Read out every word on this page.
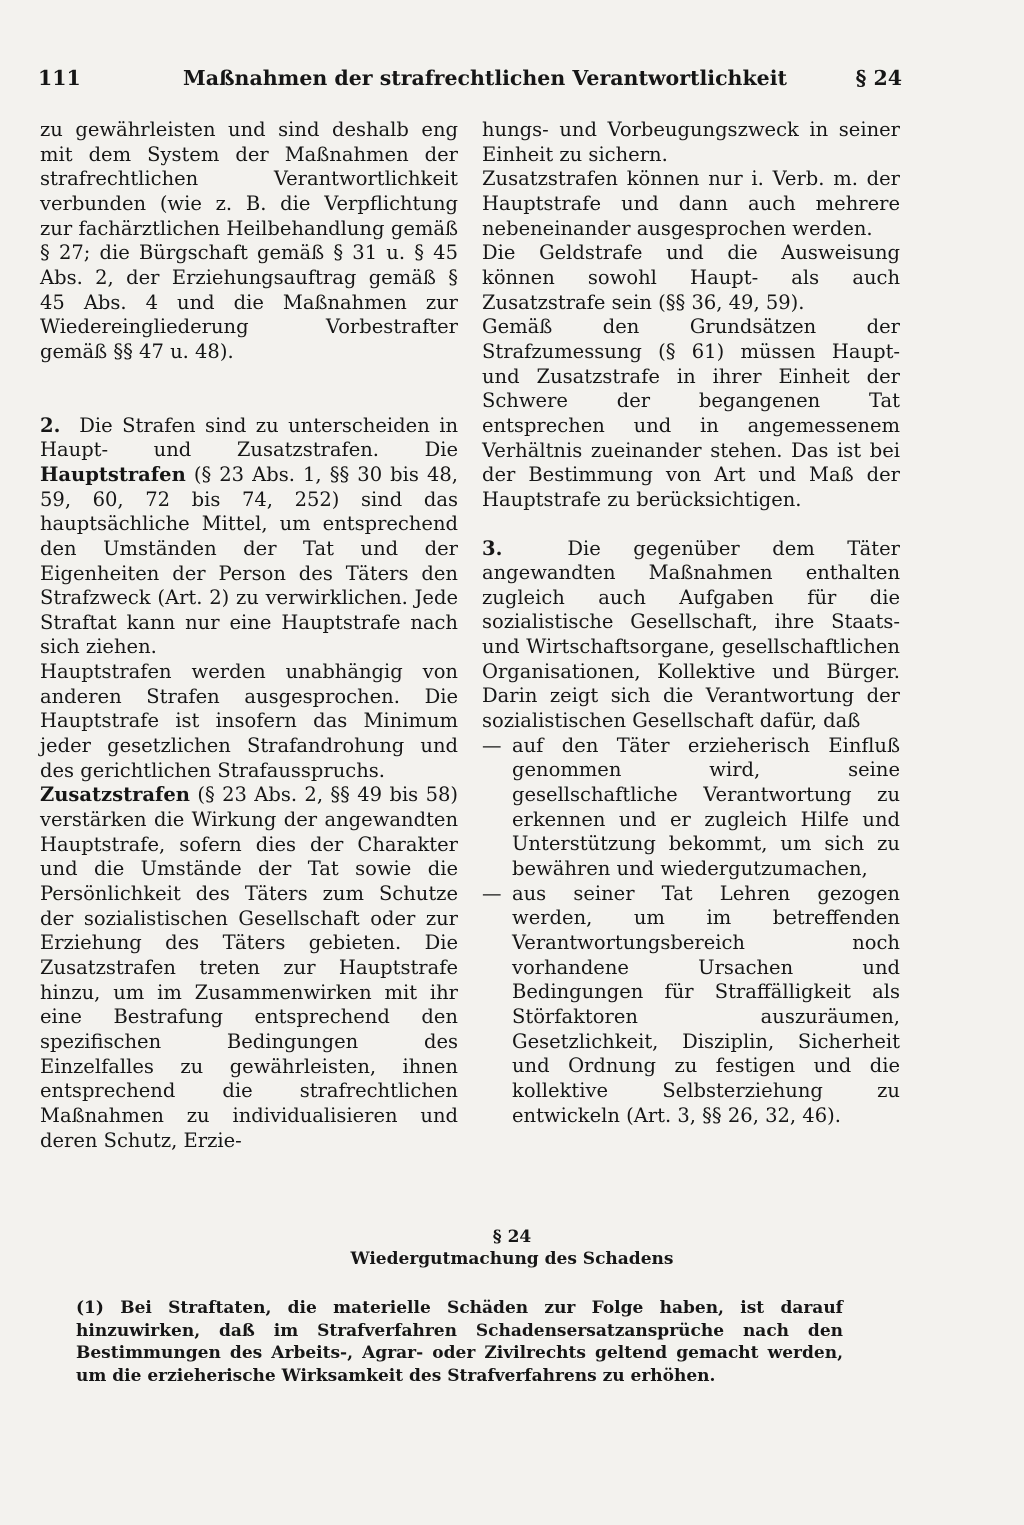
111	Maßnahmen der strafrechtlichen Verantwortlichkeit	§ 24

zu gewährleisten und sind deshalb eng mit dem System der Maßnahmen der strafrechtlichen Verantwortlichkeit verbunden (wie z. B. die Verpflichtung zur fachärztlichen Heilbehandlung gemäß § 27; die Bürgschaft gemäß § 31 u. § 45 Abs. 2, der Erziehungsauftrag gemäß § 45 Abs. 4 und die Maßnahmen zur Wiedereingliederung Vorbestrafter gemäß §§ 47 u. 48).

2. Die Strafen sind zu unterscheiden in Haupt- und Zusatzstrafen. Die Hauptstrafen (§ 23 Abs. 1, §§ 30 bis 48, 59, 60, 72 bis 74, 252) sind das hauptsächliche Mittel, um entsprechend den Umständen der Tat und der Eigenheiten der Person des Täters den Strafzweck (Art. 2) zu verwirklichen. Jede Straftat kann nur eine Hauptstrafe nach sich ziehen.

Hauptstrafen werden unabhängig von anderen Strafen ausgesprochen. Die Hauptstrafe ist insofern das Minimum jeder gesetzlichen Strafandrohung und des gerichtlichen Strafausspruchs.

Zusatzstrafen (§ 23 Abs. 2, §§ 49 bis 58) verstärken die Wirkung der angewandten Hauptstrafe, sofern dies der Charakter und die Umstände der Tat sowie die Persönlichkeit des Täters zum Schutze der sozialistischen Gesellschaft oder zur Erziehung des Täters gebieten. Die Zusatzstrafen treten zur Hauptstrafe hinzu, um im Zusammenwirken mit ihr eine Bestrafung entsprechend den spezifischen Bedingungen des Einzelfalles zu gewährleisten, ihnen entsprechend die strafrechtlichen Maßnahmen zu individualisieren und deren Schutz, Erzie-

hungs- und Vorbeugungszweck in seiner Einheit zu sichern.

Zusatzstrafen können nur i. Verb. m. der Hauptstrafe und dann auch mehrere nebeneinander ausgesprochen werden.

Die Geldstrafe und die Ausweisung können sowohl Haupt- als auch Zusatzstrafe sein (§§ 36, 49, 59).

Gemäß den Grundsätzen der Strafzumessung (§ 61) müssen Haupt- und Zusatzstrafe in ihrer Einheit der Schwere der begangenen Tat entsprechen und in angemessenem Verhältnis zueinander stehen. Das ist bei der Bestimmung von Art und Maß der Hauptstrafe zu berücksichtigen.

3.	Die gegenüber dem Täter angewandten Maßnahmen enthalten zugleich auch Aufgaben für die sozialistische Gesellschaft, ihre Staats- und Wirtschaftsorgane, gesellschaftlichen Organisationen, Kollektive und Bürger. Darin zeigt sich die Verantwortung der sozialistischen Gesellschaft dafür, daß

— auf den Täter erzieherisch Einfluß genommen wird, seine gesellschaftliche Verantwortung zu erkennen und er zugleich Hilfe und Unterstützung bekommt, um sich zu bewähren und wiedergutzumachen,
— aus seiner Tat Lehren gezogen werden, um im betreffenden Verantwortungsbereich noch vorhandene Ursachen und Bedingungen für Straffälligkeit als Störfaktoren auszuräumen, Gesetzlichkeit, Disziplin, Sicherheit und Ordnung zu festigen und die kollektive Selbsterziehung zu entwickeln (Art. 3, §§ 26, 32, 46).
§ 24
Wiedergutmachung des Schadens

(1) Bei Straftaten, die materielle Schäden zur Folge haben, ist darauf hinzuwirken, daß im Strafverfahren Schadensersatzansprüche nach den Bestimmungen des Arbeits-, Agrar- oder Zivilrechts geltend gemacht werden, um die erzieherische Wirksamkeit des Strafverfahrens zu erhöhen.
